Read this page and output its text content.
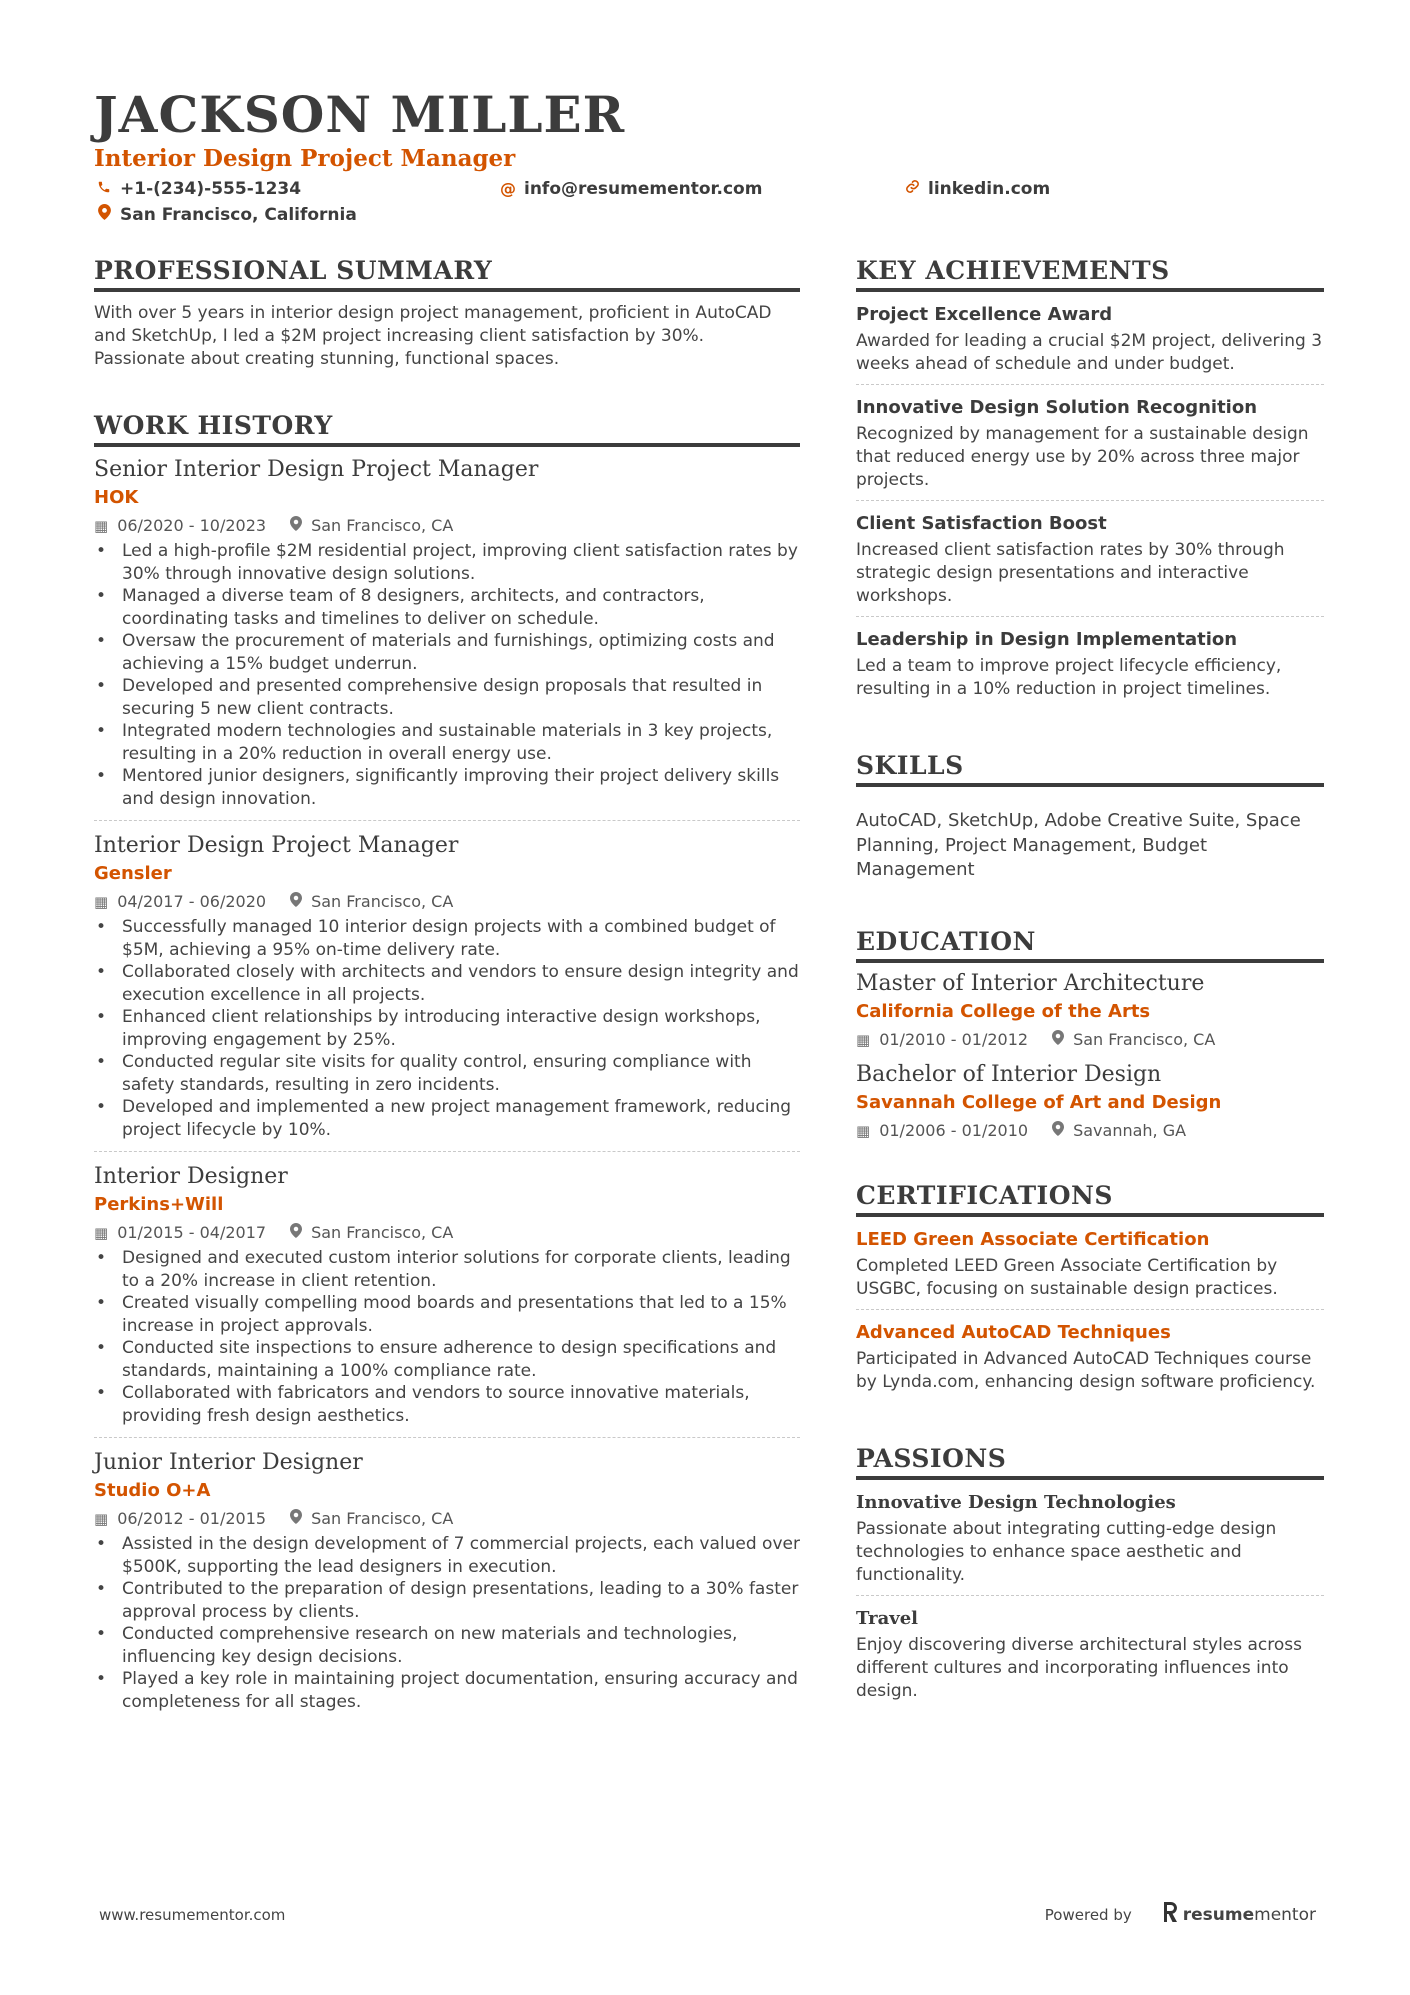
JACKSON MILLER
Interior Design Project Manager
+1-(234)-555-1234	@ info@resumementor.com	linkedin.com
San Francisco, California
PROFESSIONAL SUMMARY
With over 5 years in interior design project management, proficient in AutoCAD and SketchUp, I led a $2M project increasing client satisfaction by 30%. Passionate about creating stunning, functional spaces.
WORK HISTORY
Senior Interior Design Project Manager
HOK
▦ 06/2020 - 10/2023	San Francisco, CA
• Led a high-profile $2M residential project, improving client satisfaction rates by 30% through innovative design solutions.
• Managed a diverse team of 8 designers, architects, and contractors, coordinating tasks and timelines to deliver on schedule.
• Oversaw the procurement of materials and furnishings, optimizing costs and achieving a 15% budget underrun.
• Developed and presented comprehensive design proposals that resulted in securing 5 new client contracts.
• Integrated modern technologies and sustainable materials in 3 key projects, resulting in a 20% reduction in overall energy use.
• Mentored junior designers, significantly improving their project delivery skills and design innovation.
Interior Design Project Manager
Gensler
▦ 04/2017 - 06/2020	San Francisco, CA
• Successfully managed 10 interior design projects with a combined budget of $5M, achieving a 95% on-time delivery rate.
• Collaborated closely with architects and vendors to ensure design integrity and execution excellence in all projects.
• Enhanced client relationships by introducing interactive design workshops, improving engagement by 25%.
• Conducted regular site visits for quality control, ensuring compliance with safety standards, resulting in zero incidents.
• Developed and implemented a new project management framework, reducing project lifecycle by 10%.
Interior Designer
Perkins+Will
▦ 01/2015 - 04/2017	San Francisco, CA
• Designed and executed custom interior solutions for corporate clients, leading to a 20% increase in client retention.
• Created visually compelling mood boards and presentations that led to a 15% increase in project approvals.
• Conducted site inspections to ensure adherence to design specifications and standards, maintaining a 100% compliance rate.
• Collaborated with fabricators and vendors to source innovative materials, providing fresh design aesthetics.
Junior Interior Designer
Studio O+A
▦ 06/2012 - 01/2015	San Francisco, CA
• Assisted in the design development of 7 commercial projects, each valued over $500K, supporting the lead designers in execution.
• Contributed to the preparation of design presentations, leading to a 30% faster approval process by clients.
• Conducted comprehensive research on new materials and technologies, influencing key design decisions.
• Played a key role in maintaining project documentation, ensuring accuracy and completeness for all stages.
KEY ACHIEVEMENTS
Project Excellence Award
Awarded for leading a crucial $2M project, delivering 3 weeks ahead of schedule and under budget.
Innovative Design Solution Recognition
Recognized by management for a sustainable design that reduced energy use by 20% across three major projects.
Client Satisfaction Boost
Increased client satisfaction rates by 30% through strategic design presentations and interactive workshops.
Leadership in Design Implementation
Led a team to improve project lifecycle efficiency, resulting in a 10% reduction in project timelines.
SKILLS
AutoCAD, SketchUp, Adobe Creative Suite, Space Planning, Project Management, Budget Management
EDUCATION
Master of Interior Architecture
California College of the Arts
▦ 01/2010 - 01/2012	San Francisco, CA
Bachelor of Interior Design
Savannah College of Art and Design
▦ 01/2006 - 01/2010	Savannah, GA
CERTIFICATIONS
LEED Green Associate Certification
Completed LEED Green Associate Certification by USGBC, focusing on sustainable design practices.
Advanced AutoCAD Techniques
Participated in Advanced AutoCAD Techniques course by Lynda.com, enhancing design software proficiency.
PASSIONS
Innovative Design Technologies
Passionate about integrating cutting-edge design technologies to enhance space aesthetic and functionality.
Travel
Enjoy discovering diverse architectural styles across different cultures and incorporating influences into design.
www.resumementor.com	Powered by	resume mentor
